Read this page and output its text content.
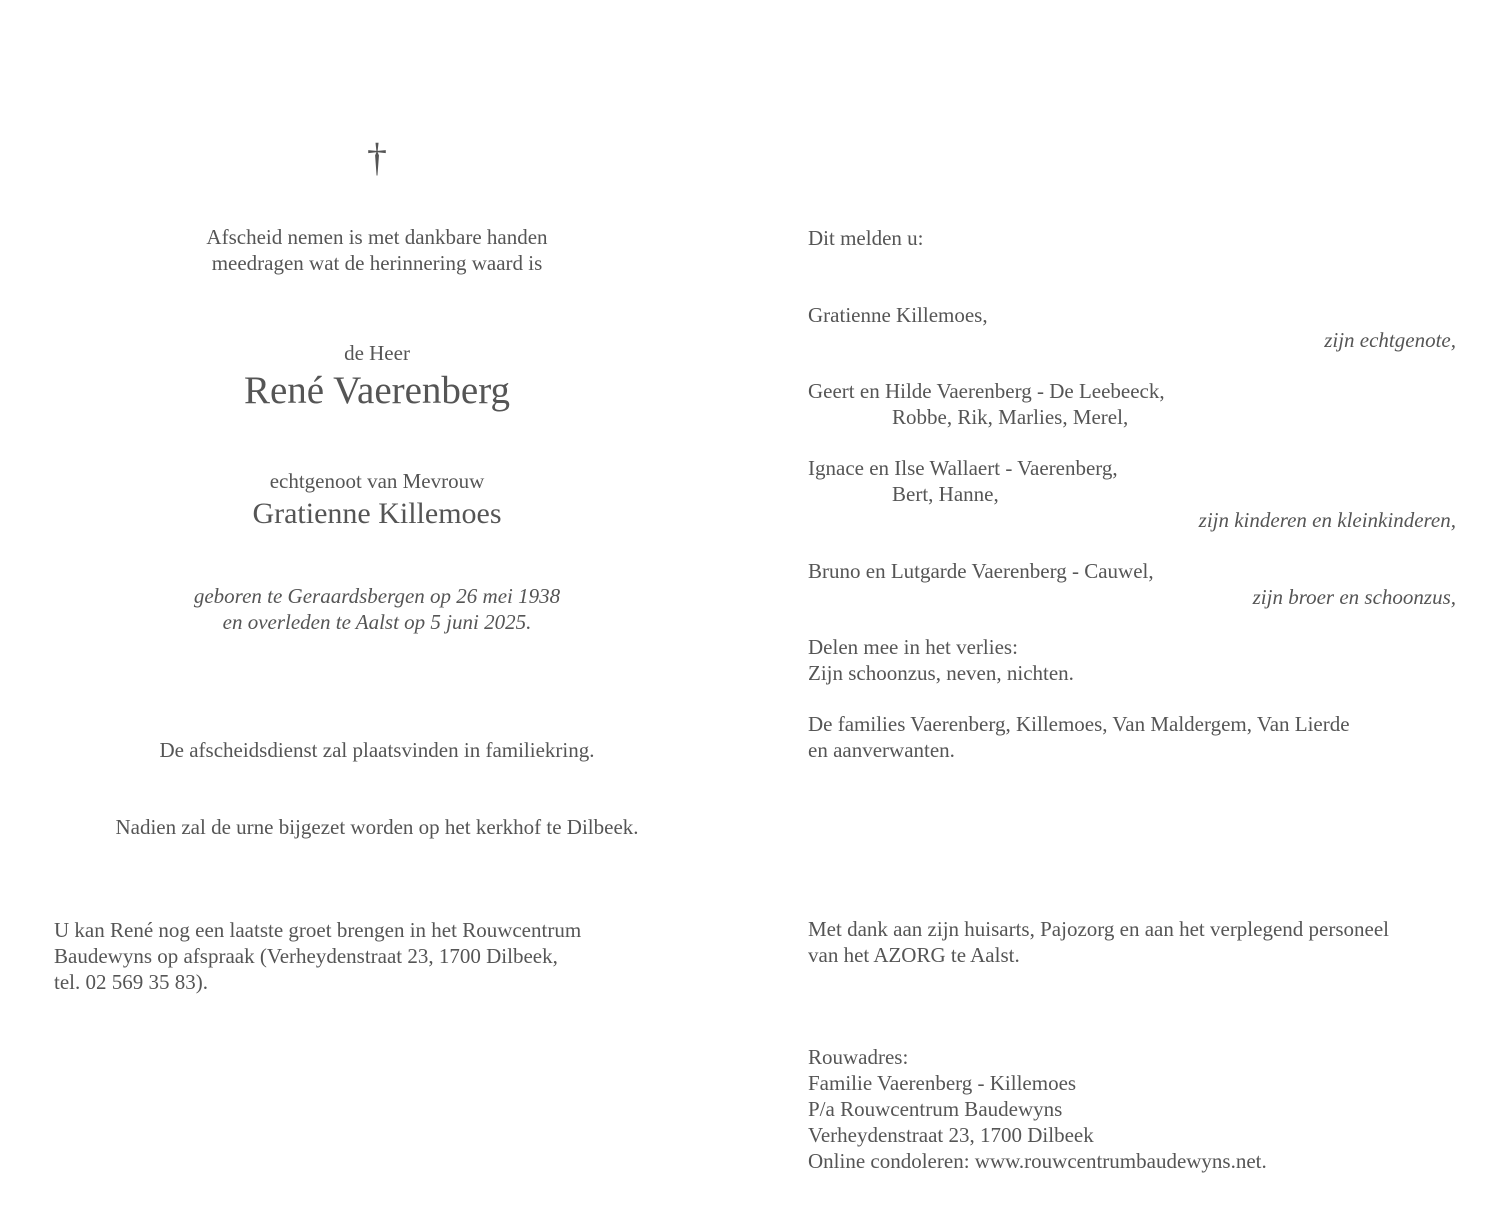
†
Afscheid nemen is met dankbare handen
meedragen wat de herinnering waard is
de Heer
René Vaerenberg
echtgenoot van Mevrouw
Gratienne Killemoes
geboren te Geraardsbergen op 26 mei 1938
en overleden te Aalst op 5 juni 2025.
De afscheidsdienst zal plaatsvinden in familiekring.
Nadien zal de urne bijgezet worden op het kerkhof te Dilbeek.
U kan René nog een laatste groet brengen in het Rouwcentrum
Baudewyns op afspraak (Verheydenstraat 23, 1700 Dilbeek,
tel. 02 569 35 83).
Dit melden u:
Gratienne Killemoes,
zijn echtgenote,
Geert en Hilde Vaerenberg - De Leebeeck,
Robbe, Rik, Marlies, Merel,
Ignace en Ilse Wallaert - Vaerenberg,
Bert, Hanne,
zijn kinderen en kleinkinderen,
Bruno en Lutgarde Vaerenberg - Cauwel,
zijn broer en schoonzus,
Delen mee in het verlies:
Zijn schoonzus, neven, nichten.
De families Vaerenberg, Killemoes, Van Maldergem, Van Lierde
en aanverwanten.
Met dank aan zijn huisarts, Pajozorg en aan het verplegend personeel
van het AZORG te Aalst.
Rouwadres:
Familie Vaerenberg - Killemoes
P/a Rouwcentrum Baudewyns
Verheydenstraat 23, 1700 Dilbeek
Online condoleren: www.rouwcentrumbaudewyns.net.
